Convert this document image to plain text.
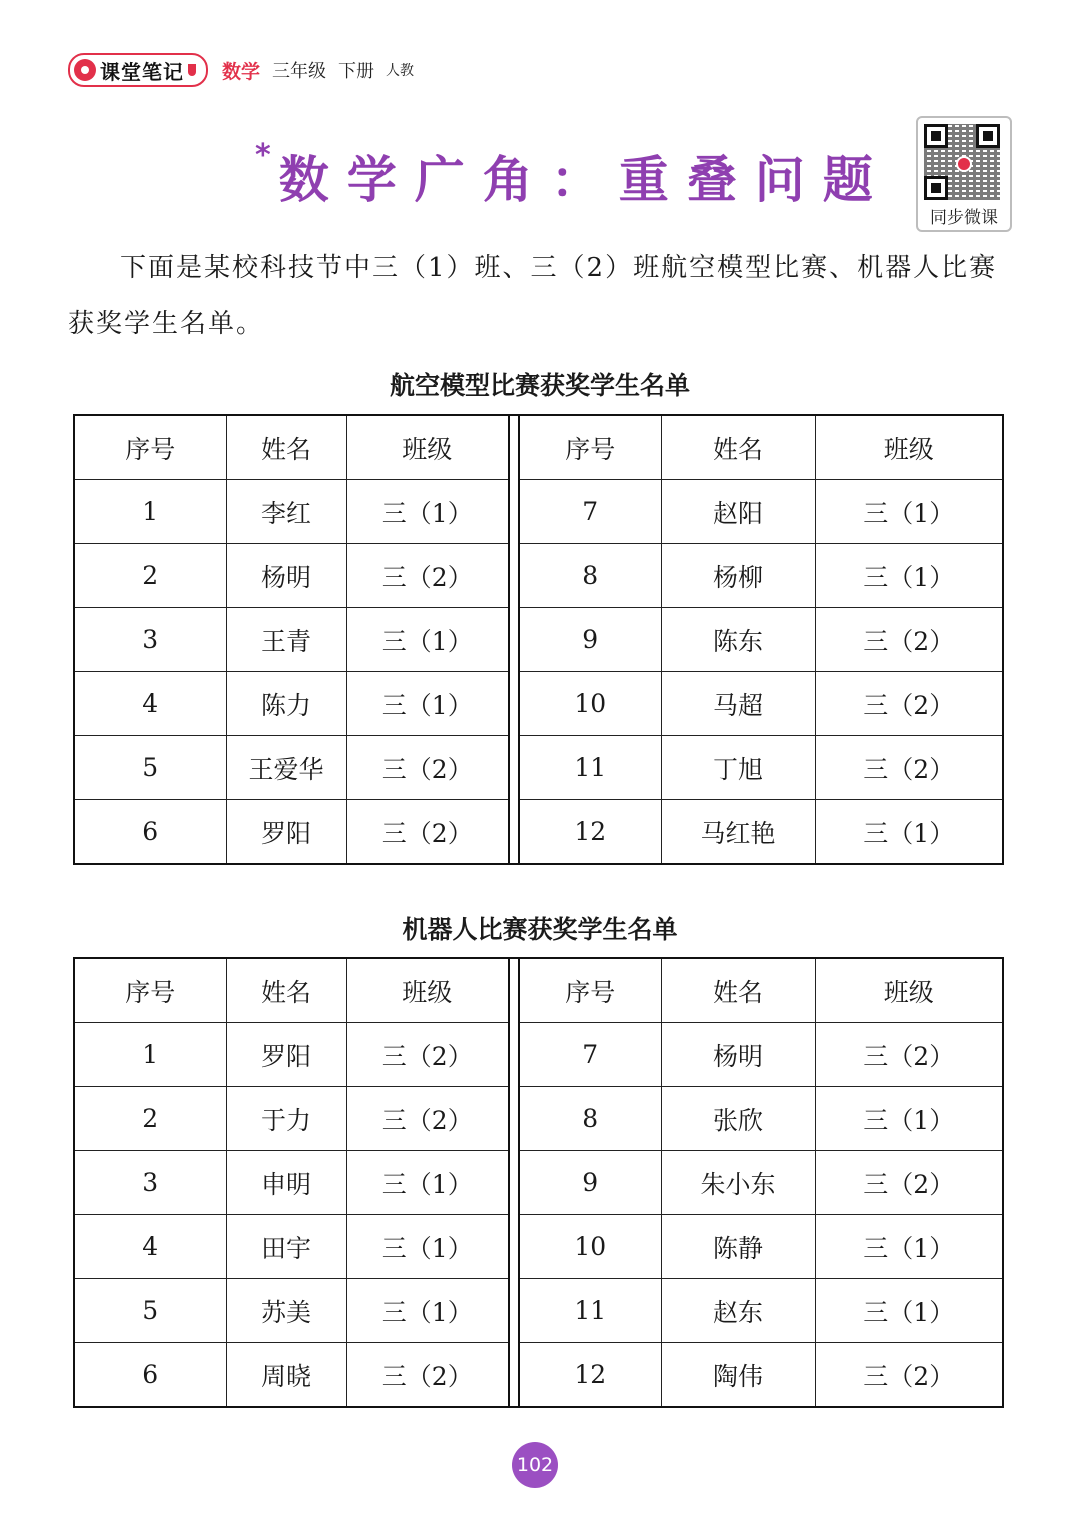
课堂笔记 数学 三年级 下册 人教
* 数学广角：重叠问题
同步微课
下面是某校科技节中三（1）班、三（2）班航空模型比赛、机器人比赛获奖学生名单。
航空模型比赛获奖学生名单
序号	姓名	班级		序号	姓名	班级
1	李红	三（1）		7	赵阳	三（1）
2	杨明	三（2）		8	杨柳	三（1）
3	王青	三（1）		9	陈东	三（2）
4	陈力	三（1）		10	马超	三（2）
5	王爱华	三（2）		11	丁旭	三（2）
6	罗阳	三（2）		12	马红艳	三（1）
机器人比赛获奖学生名单
序号	姓名	班级		序号	姓名	班级
1	罗阳	三（2）		7	杨明	三（2）
2	于力	三（2）		8	张欣	三（1）
3	申明	三（1）		9	朱小东	三（2）
4	田宇	三（1）		10	陈静	三（1）
5	苏美	三（1）		11	赵东	三（1）
6	周晓	三（2）		12	陶伟	三（2）
102
